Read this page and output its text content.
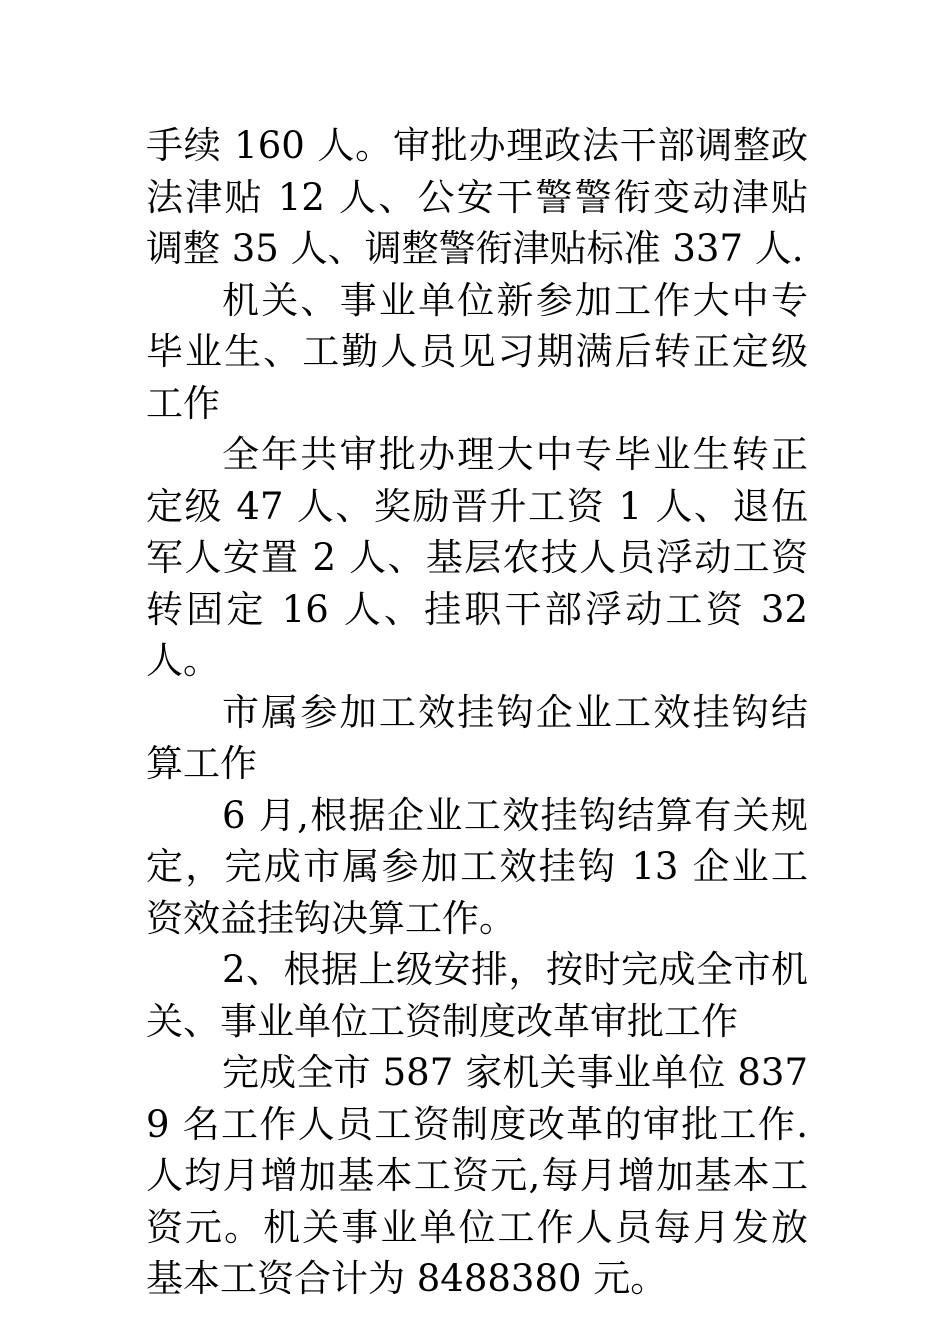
手续 160 人。审批办理政法干部调整政法津贴 12 人、公安干警警衔变动津贴调整 35 人、调整警衔津贴标准 337 人.

机关、事业单位新参加工作大中专毕业生、工勤人员见习期满后转正定级工作

全年共审批办理大中专毕业生转正定级 47 人、奖励晋升工资 1 人、退伍军人安置 2 人、基层农技人员浮动工资转固定 16 人、挂职干部浮动工资 32 人。

市属参加工效挂钩企业工效挂钩结算工作

6 月,根据企业工效挂钩结算有关规定，完成市属参加工效挂钩 13 企业工资效益挂钩决算工作。

2、根据上级安排，按时完成全市机关、事业单位工资制度改革审批工作

完成全市 587 家机关事业单位 8379 名工作人员工资制度改革的审批工作.人均月增加基本工资元,每月增加基本工资元。机关事业单位工作人员每月发放基本工资合计为 8488380 元。
